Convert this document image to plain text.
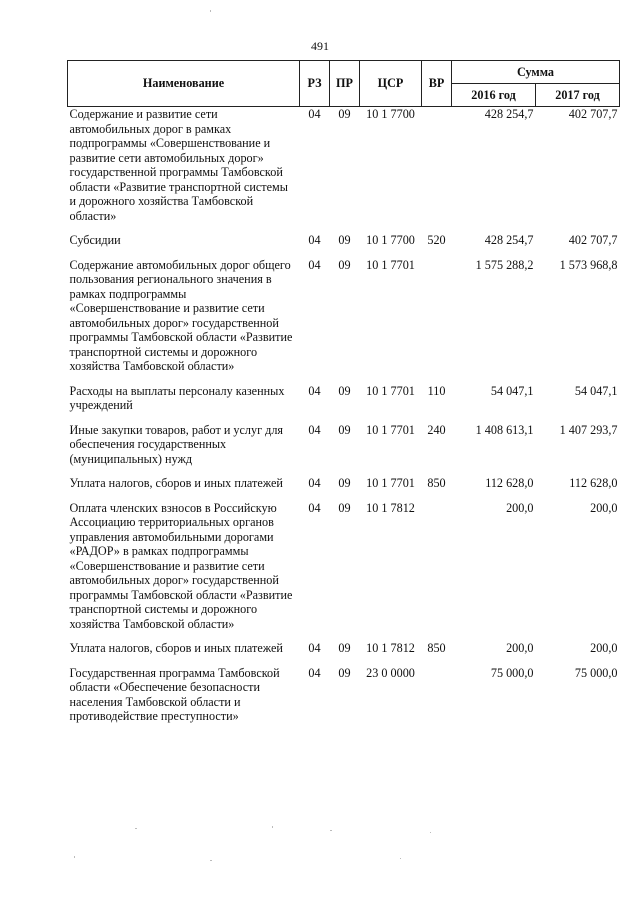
491
Наименование	РЗ	ПР	ЦСР	ВР	Сумма	
					2016 год	2017 год
Содержание и развитие сети автомобильных дорог в рамках подпрограммы «Совершенствование и развитие сети автомобильных дорог» государственной программы Тамбовской области «Развитие транспортной системы и дорожного хозяйства Тамбовской области»	04	09	10 1 7700		428 254,7	402 707,7
Субсидии	04	09	10 1 7700	520	428 254,7	402 707,7
Содержание автомобильных дорог общего пользования регионального значения в рамках подпрограммы «Совершенствование и развитие сети автомобильных дорог» государственной программы Тамбовской области «Развитие транспортной системы и дорожного хозяйства Тамбовской области»	04	09	10 1 7701		1 575 288,2	1 573 968,8
Расходы на выплаты персоналу казенных учреждений	04	09	10 1 7701	110	54 047,1	54 047,1
Иные закупки товаров, работ и услуг для обеспечения государственных (муниципальных) нужд	04	09	10 1 7701	240	1 408 613,1	1 407 293,7
Уплата налогов, сборов и иных платежей	04	09	10 1 7701	850	112 628,0	112 628,0
Оплата членских взносов в Российскую Ассоциацию территориальных органов управления автомобильными дорогами «РАДОР» в рамках подпрограммы «Совершенствование и развитие сети автомобильных дорог» государственной программы Тамбовской области «Развитие транспортной системы и дорожного хозяйства Тамбовской области»	04	09	10 1 7812		200,0	200,0
Уплата налогов, сборов и иных платежей	04	09	10 1 7812	850	200,0	200,0
Государственная программа Тамбовской области «Обеспечение безопасности населения Тамбовской области и противодействие преступности»	04	09	23 0 0000		75 000,0	75 000,0
